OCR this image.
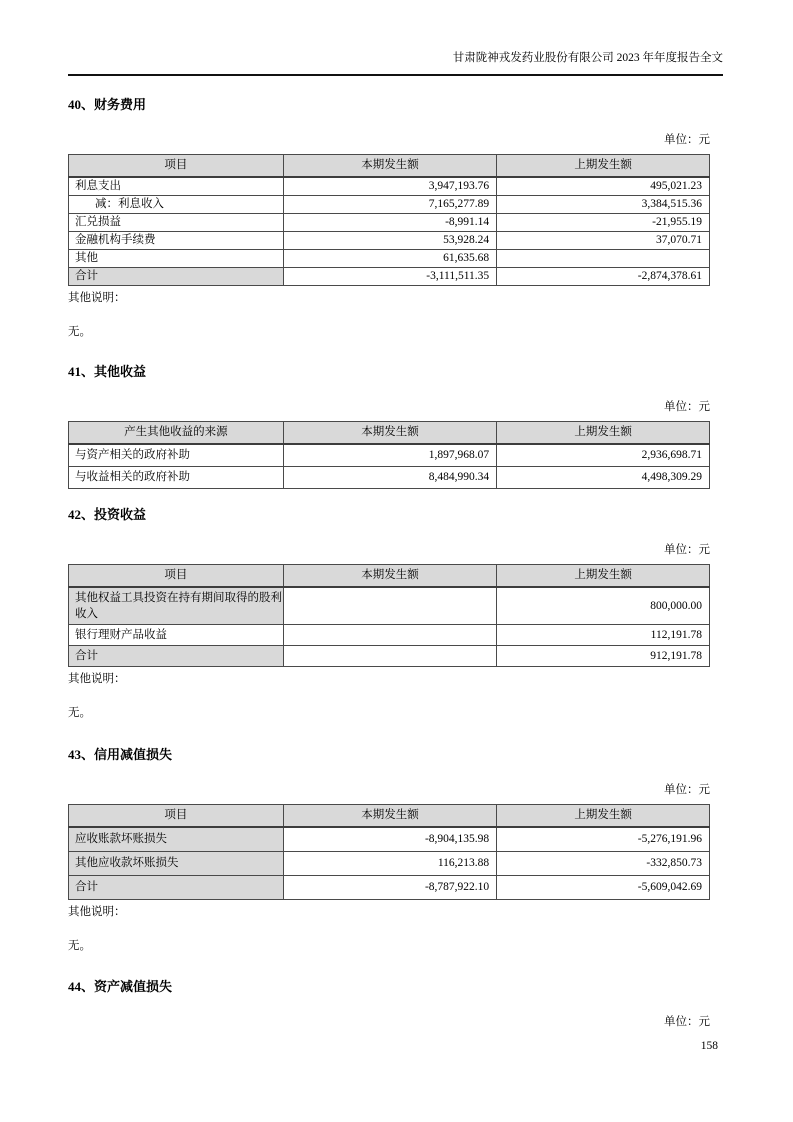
甘肃陇神戎发药业股份有限公司 2023 年年度报告全文
40、财务费用
单位：元
项目	本期发生额	上期发生额
利息支出	3,947,193.76	495,021.23
减：利息收入	7,165,277.89	3,384,515.36
汇兑损益	-8,991.14	-21,955.19
金融机构手续费	53,928.24	37,070.71
其他	61,635.68	
合计	-3,111,511.35	-2,874,378.61

其他说明：

无。

41、其他收益
单位：元
产生其他收益的来源	本期发生额	上期发生额
与资产相关的政府补助	1,897,968.07	2,936,698.71
与收益相关的政府补助	8,484,990.34	4,498,309.29
42、投资收益
单位：元
项目	本期发生额	上期发生额
其他权益工具投资在持有期间取得的股利收入		800,000.00
银行理财产品收益		112,191.78
合计		912,191.78

其他说明：

无。

43、信用减值损失
单位：元
项目	本期发生额	上期发生额
应收账款坏账损失	-8,904,135.98	-5,276,191.96
其他应收款坏账损失	116,213.88	-332,850.73
合计	-8,787,922.10	-5,609,042.69

其他说明：

无。

44、资产减值损失
单位：元
158
